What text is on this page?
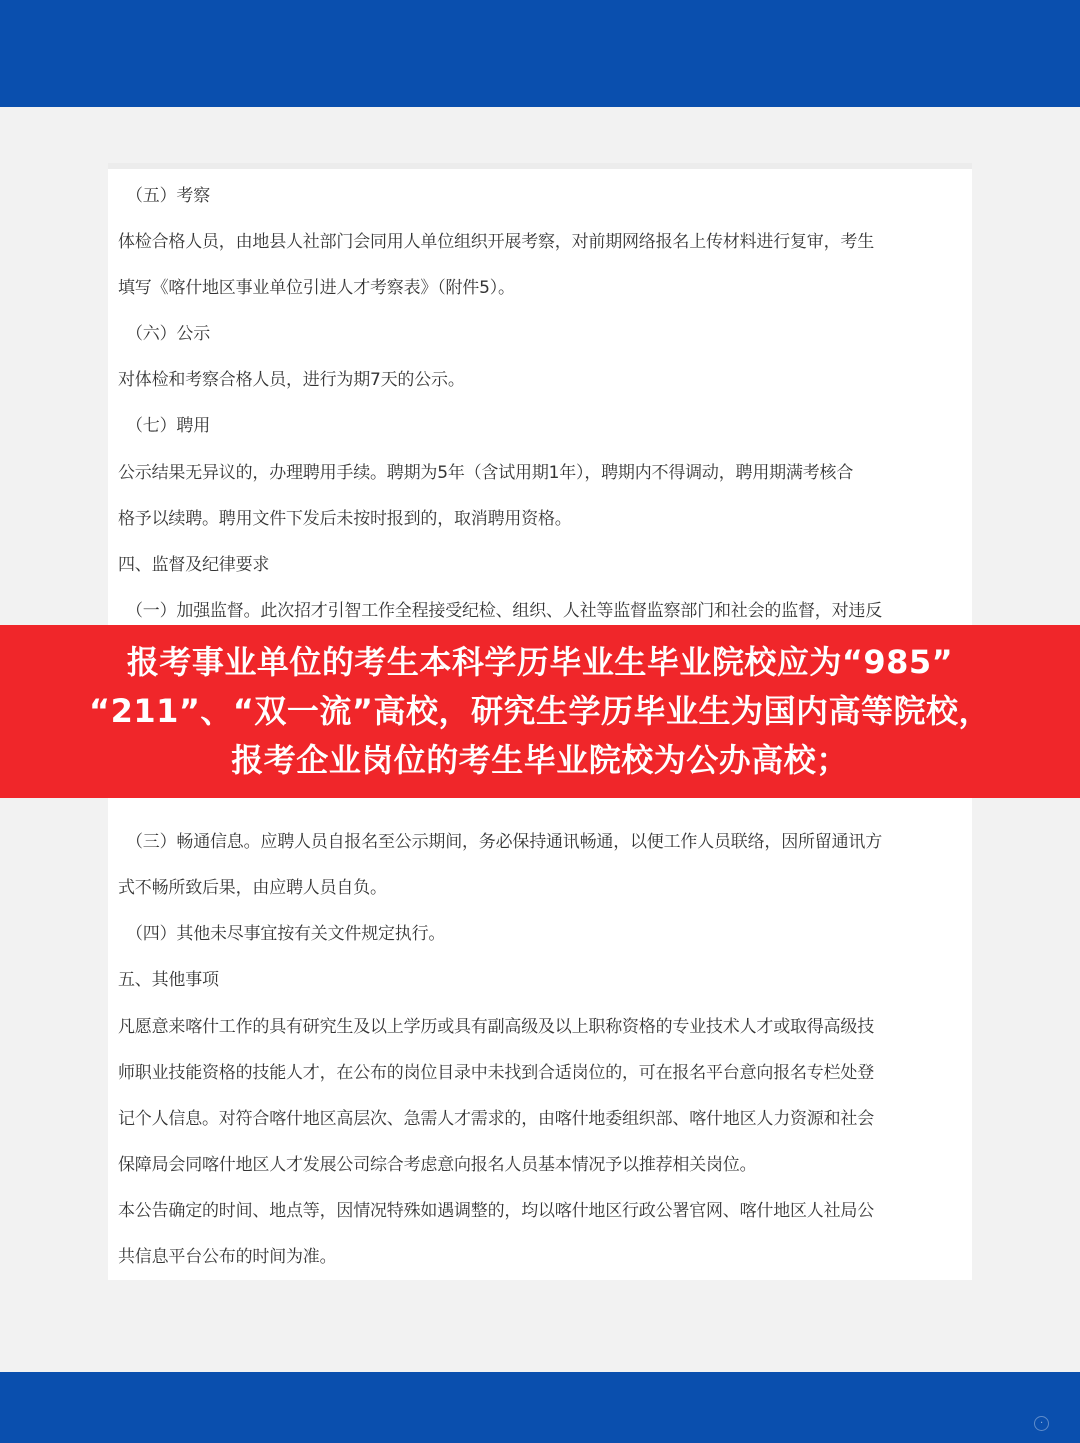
（五）考察
体检合格人员，由地县人社部门会同用人单位组织开展考察，对前期网络报名上传材料进行复审，考生
填写《喀什地区事业单位引进人才考察表》（附件5）。
（六）公示
对体检和考察合格人员，进行为期7天的公示。
（七）聘用
公示结果无异议的，办理聘用手续。聘期为5年（含试用期1年），聘期内不得调动，聘用期满考核合
格予以续聘。聘用文件下发后未按时报到的，取消聘用资格。
四、监督及纪律要求
（一）加强监督。此次招才引智工作全程接受纪检、组织、人社等监督监察部门和社会的监督，对违反
（三）畅通信息。应聘人员自报名至公示期间，务必保持通讯畅通，以便工作人员联络，因所留通讯方
式不畅所致后果，由应聘人员自负。
（四）其他未尽事宜按有关文件规定执行。
五、其他事项
凡愿意来喀什工作的具有研究生及以上学历或具有副高级及以上职称资格的专业技术人才或取得高级技
师职业技能资格的技能人才，在公布的岗位目录中未找到合适岗位的，可在报名平台意向报名专栏处登
记个人信息。对符合喀什地区高层次、急需人才需求的，由喀什地委组织部、喀什地区人力资源和社会
保障局会同喀什地区人才发展公司综合考虑意向报名人员基本情况予以推荐相关岗位。
本公告确定的时间、地点等，因情况特殊如遇调整的，均以喀什地区行政公署官网、喀什地区人社局公
共信息平台公布的时间为准。
报考事业单位的考生本科学历毕业生毕业院校应为“985”
“211”、“双一流”高校，研究生学历毕业生为国内高等院校，
报考企业岗位的考生毕业院校为公办高校；
·
